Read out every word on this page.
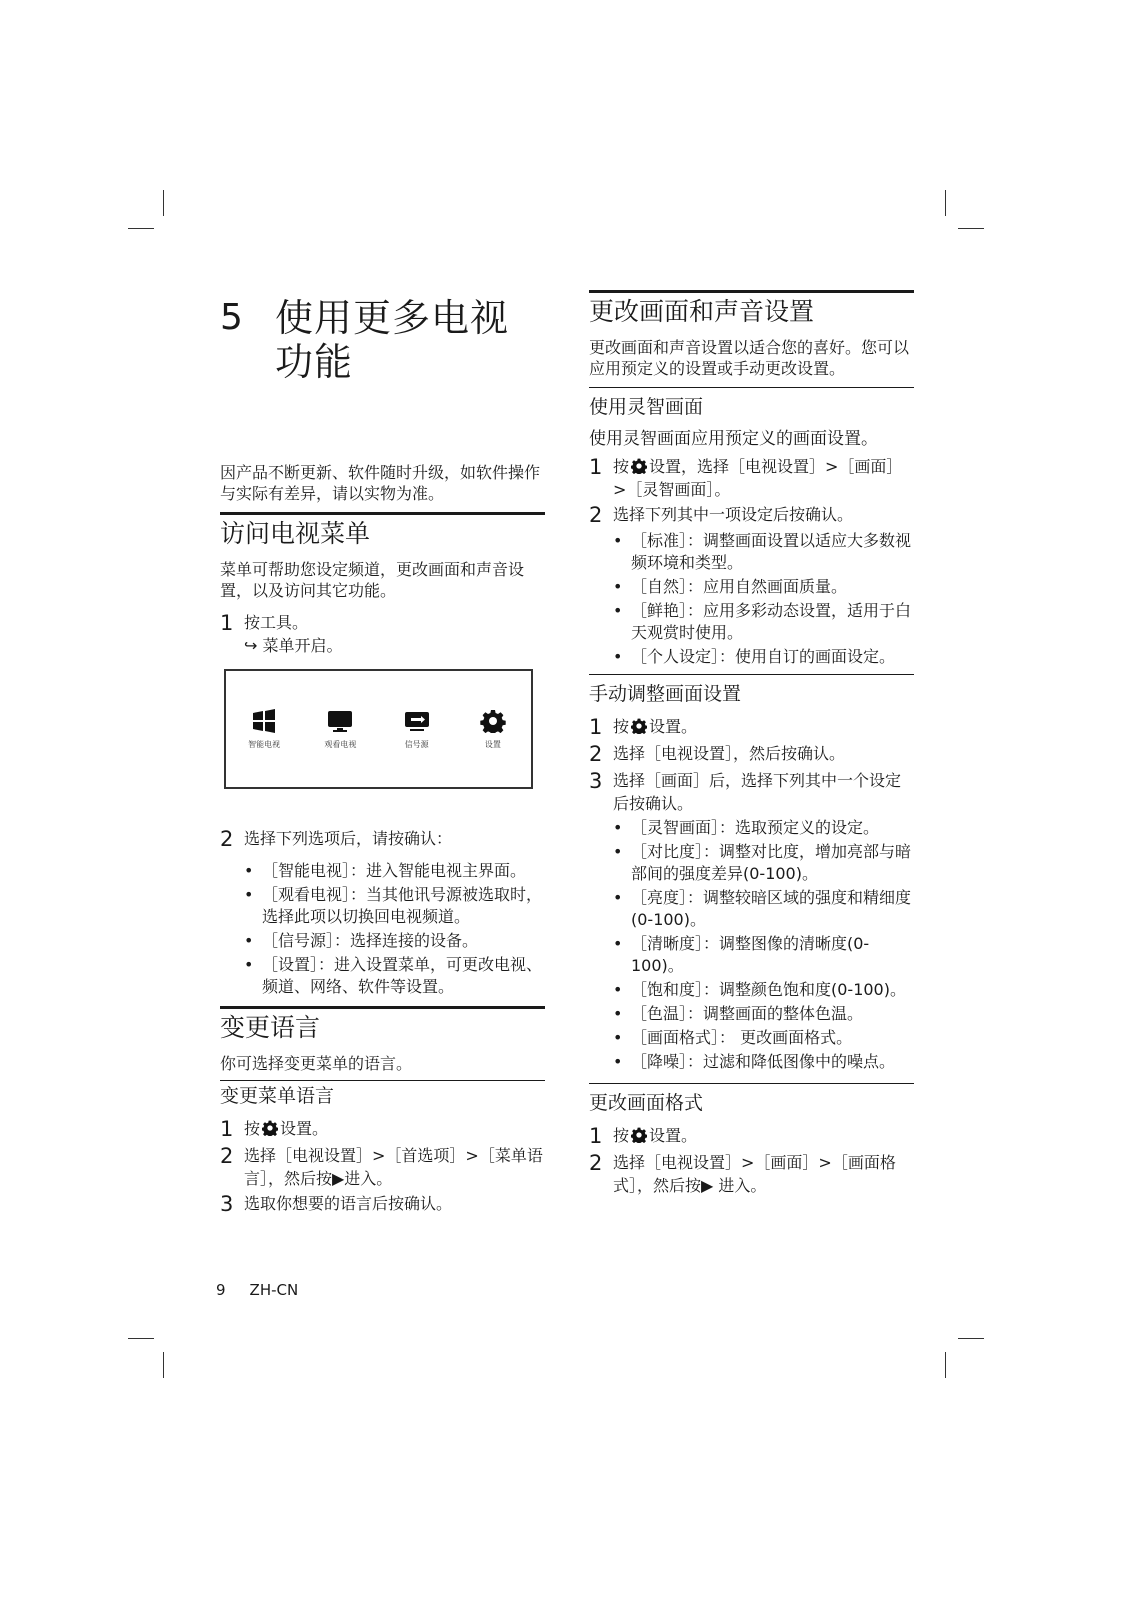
5 使用更多电视
功能

因产品不断更新、软件随时升级，如软件操作与实际有差异，请以实物为准。

访问电视菜单

菜单可帮助您设定频道，更改画面和声音设置，以及访问其它功能。

1 按工具。
↪ 菜单开启。
智能电视	观看电视	信号源	设置
2 选择下列选项后，请按确认：
• ［智能电视］：进入智能电视主界面。
• ［观看电视］：当其他讯号源被选取时，选择此项以切换回电视频道。
• ［信号源］：选择连接的设备。
• ［设置］：进入设置菜单，可更改电视、频道、网络、软件等设置。
变更语言

你可选择变更菜单的语言。

变更菜单语言
1 按 设置。
2 选择［电视设置］>［首选项］>［菜单语言］，然后按▶进入。
3 选取你想要的语言后按确认。
更改画面和声音设置

更改画面和声音设置以适合您的喜好。您可以应用预定义的设置或手动更改设置。

使用灵智画面

使用灵智画面应用预定义的画面设置。

1 按 设置，选择［电视设置］>［画面］>［灵智画面］。
2 选择下列其中一项设定后按确认。
• ［标准］：调整画面设置以适应大多数视频环境和类型。
• ［自然］：应用自然画面质量。
• ［鲜艳］：应用多彩动态设置，适用于白天观赏时使用。
• ［个人设定］：使用自订的画面设定。
手动调整画面设置
1 按 设置。
2 选择［电视设置］，然后按确认。
3 选择［画面］后，选择下列其中一个设定后按确认。
• ［灵智画面］：选取预定义的设定。
• ［对比度］：调整对比度，增加亮部与暗部间的强度差异(0-100)。
• ［亮度］：调整较暗区域的强度和精细度(0-100)。
• ［清晰度］：调整图像的清晰度(0-100)。
• ［饱和度］：调整颜色饱和度(0-100)。
• ［色温］：调整画面的整体色温。
• ［画面格式］： 更改画面格式。
• ［降噪］：过滤和降低图像中的噪点。
更改画面格式
1 按 设置。
2 选择［电视设置］>［画面］>［画面格式］，然后按▶ 进入。
9 ZH-CN
